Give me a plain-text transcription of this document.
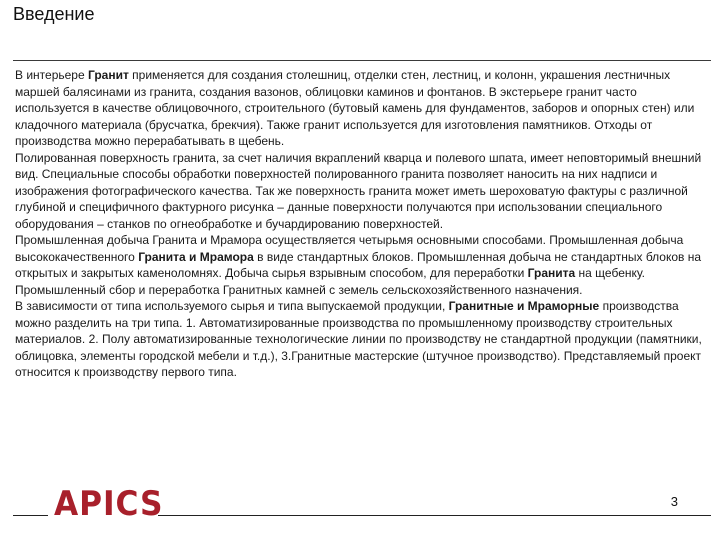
Введение

В интерьере Гранит применяется для создания столешниц, отделки стен, лестниц, и колонн, украшения лестничных маршей балясинами из гранита, создания вазонов, облицовки каминов и фонтанов. В экстерьере гранит часто используется в качестве облицовочного, строительного (бутовый камень для фундаментов, заборов и опорных стен) или кладочного материала (брусчатка, брекчия). Также гранит используется для изготовления памятников. Отходы от производства можно перерабатывать в щебень.

Полированная поверхность гранита, за счет наличия вкраплений кварца и полевого шпата, имеет неповторимый внешний вид. Специальные способы обработки поверхностей полированного гранита позволяет наносить на них надписи и изображения фотографического качества. Так же поверхность гранита может иметь шероховатую фактуры с различной глубиной и специфичного фактурного рисунка – данные поверхности получаются при использовании специального оборудования – станков по огнеобработке и бучардированию поверхностей.

Промышленная добыча Гранита и Мрамора осуществляется четырьмя основными способами. Промышленная добыча высококачественного Гранита и Мрамора в виде стандартных блоков. Промышленная добыча не стандартных блоков на открытых и закрытых каменоломнях. Добыча сырья взрывным способом, для переработки Гранита на щебенку. Промышленный сбор и переработка Гранитных камней с земель сельскохозяйственного назначения.

В зависимости от типа используемого сырья и типа выпускаемой продукции, Гранитные и Мраморные производства можно разделить на три типа. 1. Автоматизированные производства по промышленному производству строительных материалов. 2. Полу автоматизированные технологические линии по производству не стандартной продукции (памятники, облицовка, элементы городской мебели и т.д.), 3.Гранитные мастерские (штучное производство). Представляемый проект относится к производству первого типа.

APICS	3
